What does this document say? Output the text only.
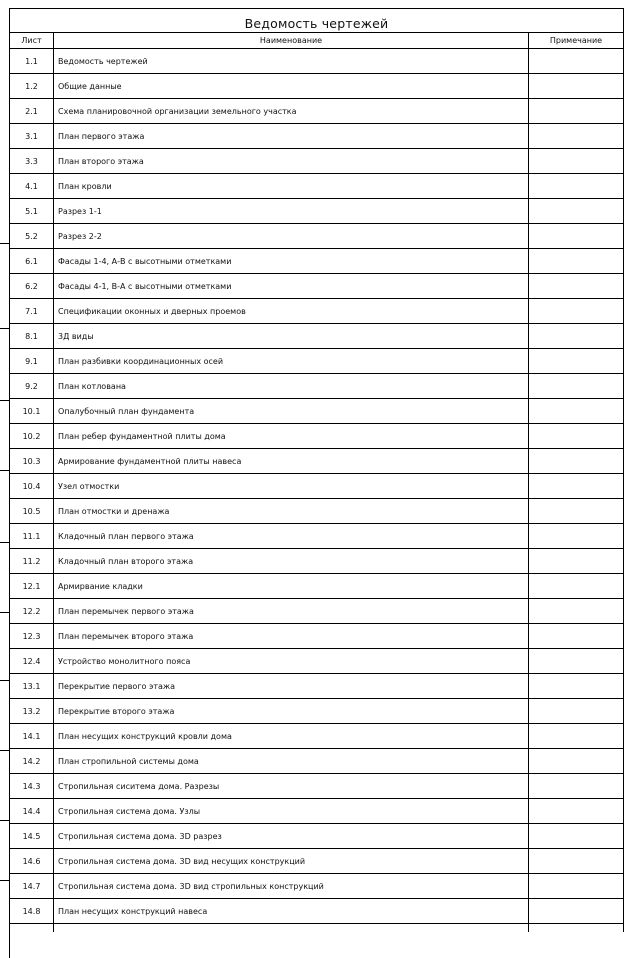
Ведомость чертежей		
Лист	Наименование	Примечание
1.1	Ведомость чертежей	
1.2	Общие данные	
2.1	Схема планировочной организации земельного участка	
3.1	План первого этажа	
3.3	План второго этажа	
4.1	План кровли	
5.1	Разрез 1-1	
5.2	Разрез 2-2	
6.1	Фасады 1-4, А-В с высотными отметками	
6.2	Фасады 4-1, В-А с высотными отметками	
7.1	Спецификации оконных и дверных проемов	
8.1	3Д виды	
9.1	План разбивки координационных осей	
9.2	План котлована	
10.1	Опалубочный план фундамента	
10.2	План ребер фундаментной плиты дома	
10.3	Армирование фундаментной плиты навеса	
10.4	Узел отмостки	
10.5	План отмостки и дренажа	
11.1	Кладочный план первого этажа	
11.2	Кладочный план второго этажа	
12.1	Армирвание кладки	
12.2	План перемычек первого этажа	
12.3	План перемычек второго этажа	
12.4	Устройство монолитного пояса	
13.1	Перекрытие первого этажа	
13.2	Перекрытие второго этажа	
14.1	План несущих конструкций кровли дома	
14.2	План стропильной системы дома	
14.3	Стропильная сиситема дома. Разрезы	
14.4	Стропильная система дома. Узлы	
14.5	Стропильная система дома. 3D разрез	
14.6	Стропильная система дома. 3D вид несущих конструкций	
14.7	Стропильная система дома. 3D вид стропильных конструкций	
14.8	План несущих конструкций навеса	
